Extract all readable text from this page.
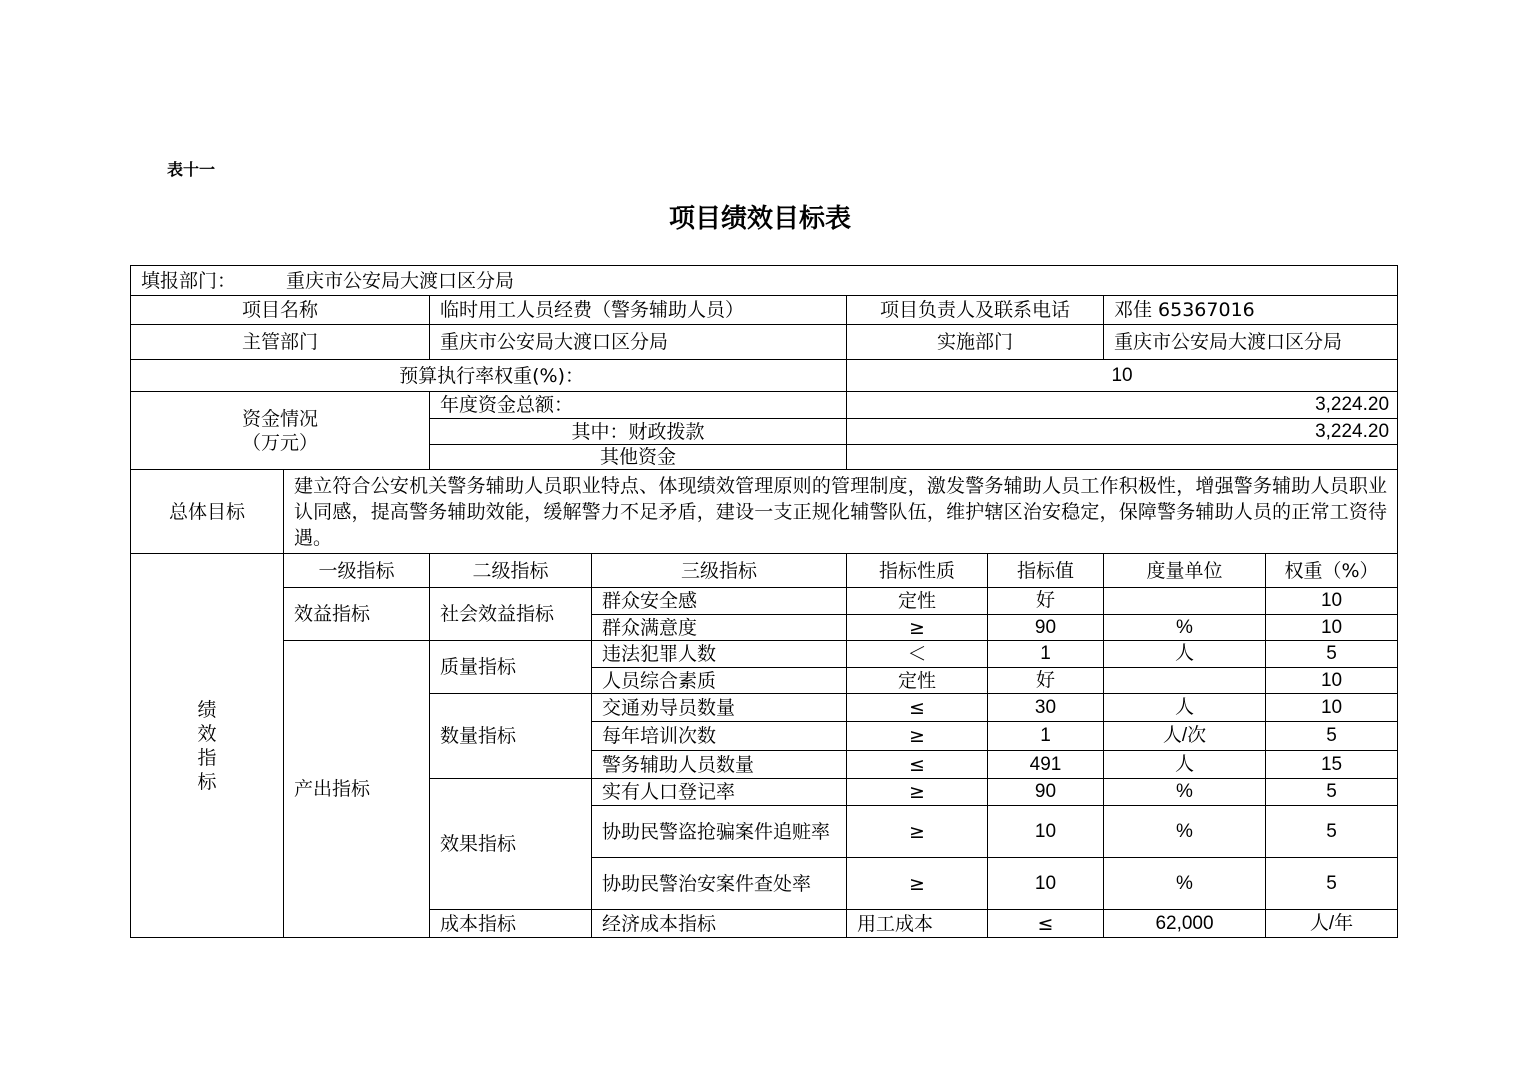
表十一
项目绩效目标表
填报部门： 重庆市公安局大渡口区分局								
项目名称		临时用工人员经费（警务辅助人员）		项目负责人及联系电话		邓佳 65367016		
主管部门		重庆市公安局大渡口区分局		实施部门		重庆市公安局大渡口区分局		
预算执行率权重(%)：				10				

资金情况
（万元）		年度资金总额：		3,224.20				
		其中：财政拨款		3,224.20				
		其他资金						
总体目标	建立符合公安机关警务辅助人员职业特点、体现绩效管理原则的管理制度，激发警务辅助人员工作积极性，增强警务辅助人员职业认同感，提高警务辅助效能，缓解警力不足矛盾，建设一支正规化辅警队伍，维护辖区治安稳定，保障警务辅助人员的正常工资待遇。							

绩
效
指
标	一级指标	二级指标	三级指标	指标性质	指标值	度量单位	权重（%）	
	效益指标	社会效益指标	群众安全感	定性	好		10	
			群众满意度	≥	90	%	10	
	产出指标	质量指标	违法犯罪人数	＜	1	人	5	
			人员综合素质	定性	好		10	
		数量指标	交通劝导员数量	≤	30	人	10	
			每年培训次数	≥	1	人/次	5	
			警务辅助人员数量	≤	491	人	15	
		效果指标	实有人口登记率	≥	90	%	5	
			协助民警盗抢骗案件追赃率	≥	10	%	5	
			协助民警治安案件查处率	≥	10	%	5	
		成本指标	经济成本指标	用工成本	≤	62,000	人/年	
